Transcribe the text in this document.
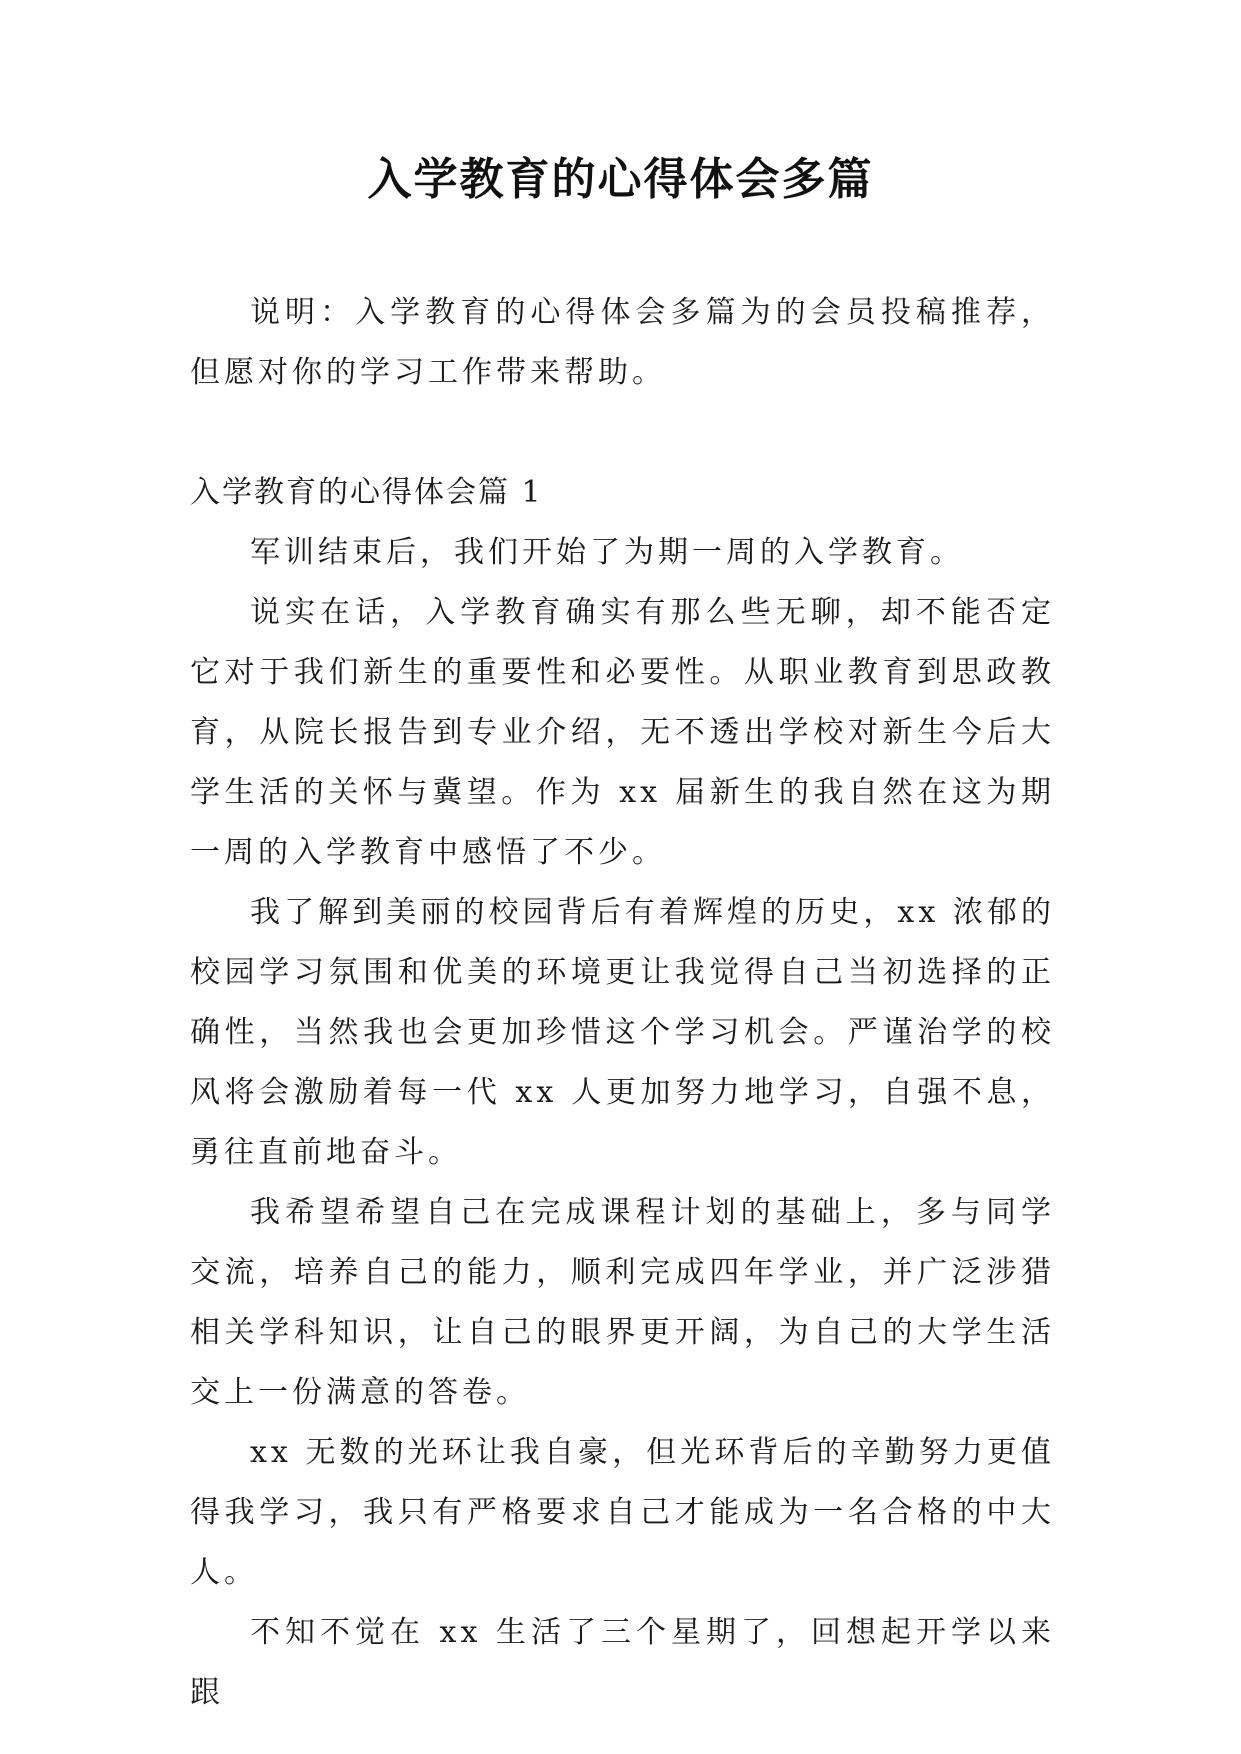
入学教育的心得体会多篇

说明：入学教育的心得体会多篇为的会员投稿推荐，但愿对你的学习工作带来帮助。

入学教育的心得体会篇 1

军训结束后，我们开始了为期一周的入学教育。

说实在话，入学教育确实有那么些无聊，却不能否定它对于我们新生的重要性和必要性。从职业教育到思政教育，从院长报告到专业介绍，无不透出学校对新生今后大学生活的关怀与冀望。作为 xx 届新生的我自然在这为期一周的入学教育中感悟了不少。

我了解到美丽的校园背后有着辉煌的历史，xx 浓郁的校园学习氛围和优美的环境更让我觉得自己当初选择的正确性，当然我也会更加珍惜这个学习机会。严谨治学的校风将会激励着每一代 xx 人更加努力地学习，自强不息，勇往直前地奋斗。

我希望希望自己在完成课程计划的基础上，多与同学交流，培养自己的能力，顺利完成四年学业，并广泛涉猎相关学科知识，让自己的眼界更开阔，为自己的大学生活交上一份满意的答卷。

xx 无数的光环让我自豪，但光环背后的辛勤努力更值得我学习，我只有严格要求自己才能成为一名合格的中大人。

不知不觉在 xx 生活了三个星期了，回想起开学以来跟
